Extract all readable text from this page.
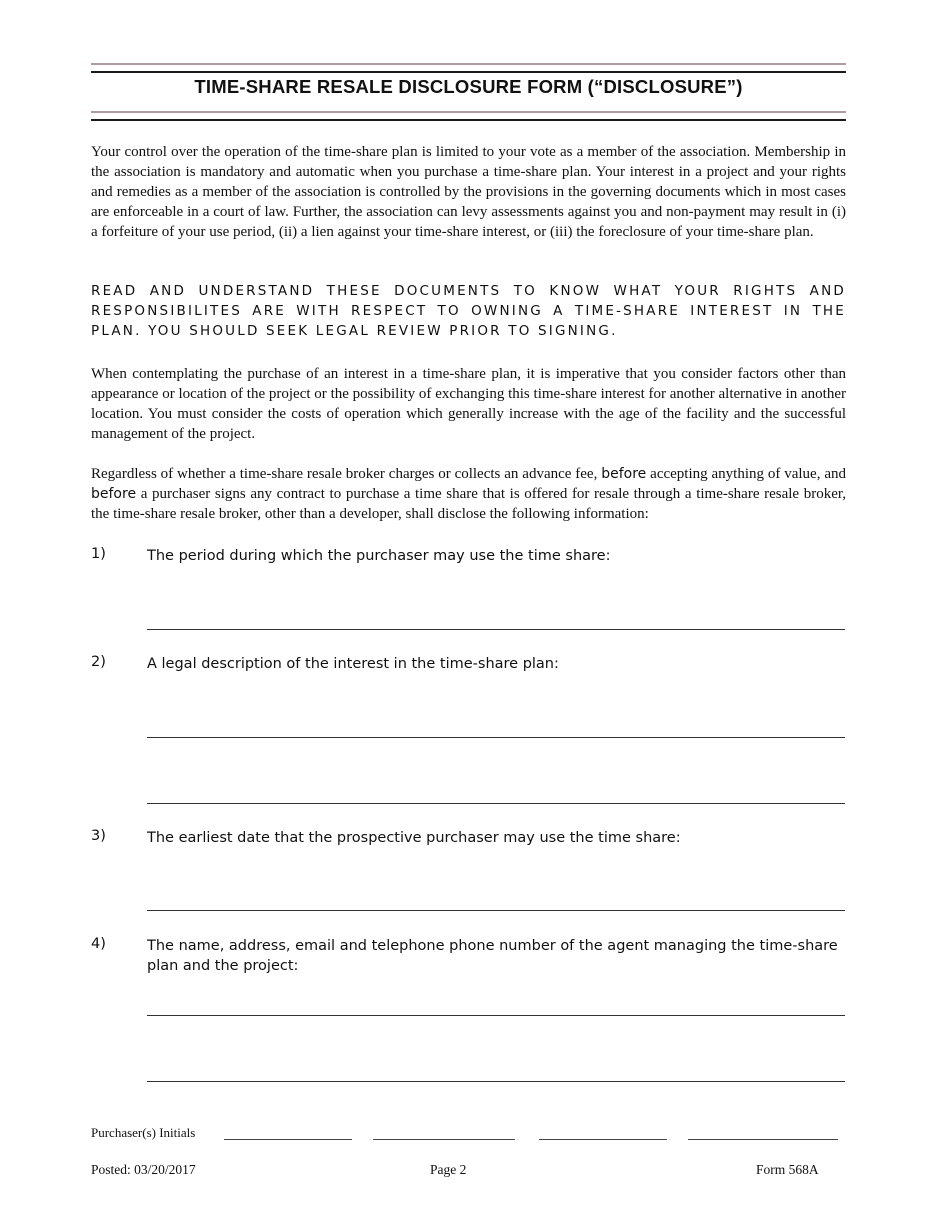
TIME-SHARE RESALE DISCLOSURE FORM (“DISCLOSURE”)

Your control over the operation of the time-share plan is limited to your vote as a member of the association. Membership in the association is mandatory and automatic when you purchase a time-share plan. Your interest in a project and your rights and remedies as a member of the association is controlled by the provisions in the governing documents which in most cases are enforceable in a court of law. Further, the association can levy assessments against you and non-payment may result in (i) a forfeiture of your use period, (ii) a lien against your time-share interest, or (iii) the foreclosure of your time-share plan.

READ AND UNDERSTAND THESE DOCUMENTS TO KNOW WHAT YOUR RIGHTS AND RESPONSIBILITES ARE WITH RESPECT TO OWNING A TIME-SHARE INTEREST IN THE PLAN. YOU SHOULD SEEK LEGAL REVIEW PRIOR TO SIGNING.

When contemplating the purchase of an interest in a time-share plan, it is imperative that you consider factors other than appearance or location of the project or the possibility of exchanging this time-share interest for another alternative in another location. You must consider the costs of operation which generally increase with the age of the facility and the successful management of the project.

Regardless of whether a time-share resale broker charges or collects an advance fee, before accepting anything of value, and before a purchaser signs any contract to purchase a time share that is offered for resale through a time-share resale broker, the time-share resale broker, other than a developer, shall disclose the following information:

1)	The period during which the purchaser may use the time share:
2)	A legal description of the interest in the time-share plan:
3)	The earliest date that the prospective purchaser may use the time share:
4)	The name, address, email and telephone phone number of the agent managing the time-share plan and the project:
Purchaser(s) Initials
Posted: 03/20/2017	Page 2	Form 568A
